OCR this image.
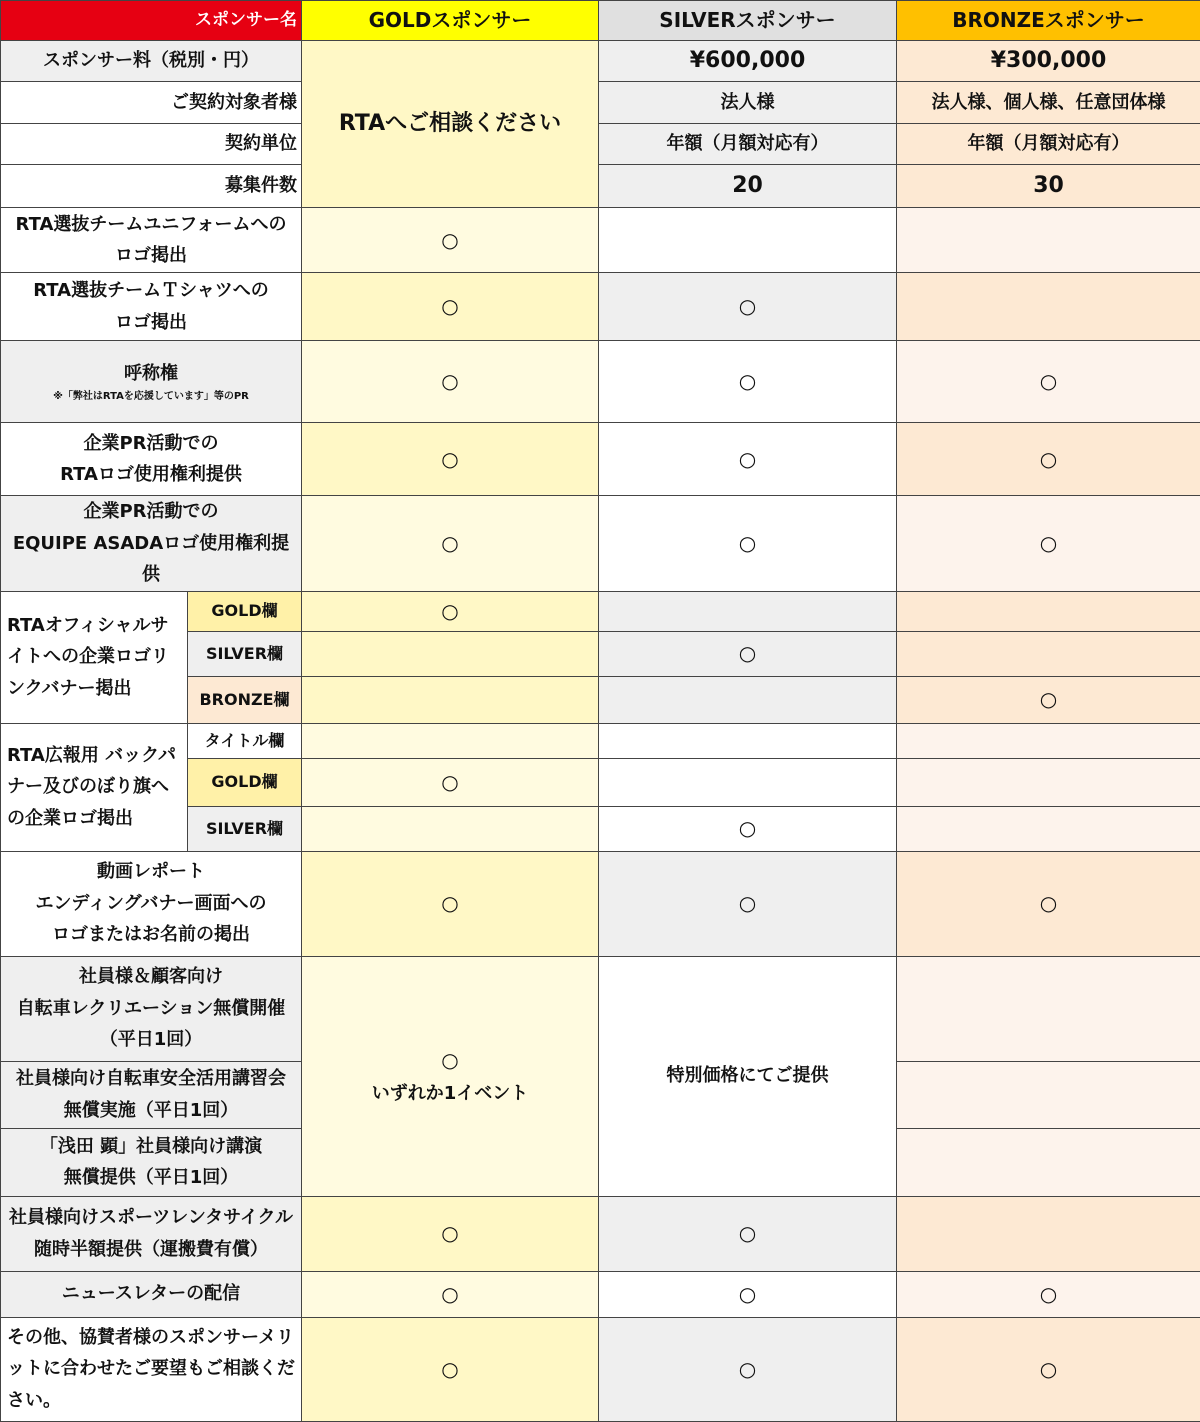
スポンサー名		GOLDスポンサー	SILVERスポンサー	BRONZEスポンサー
スポンサー料（税別・円）		RTAへご相談ください	¥600,000	¥300,000
ご契約対象者様			法人様	法人様、個人様、任意団体様
契約単位			年額（月額対応有）	年額（月額対応有）
募集件数			20	30

RTA選抜チームユニフォームへの
ロゴ掲出		○		

RTA選抜チームＴシャツへの
ロゴ掲出		○	○	

呼称権
※「弊社はRTAを応援しています」等のPR		○	○	○

企業PR活動での
RTAロゴ使用権利提供		○	○	○

企業PR活動での
EQUIPE ASADAロゴ使用権利提供		○	○	○
RTAオフィシャルサイトへの企業ロゴリンクバナー掲出	GOLD欄	○		
	SILVER欄		○	
	BRONZE欄			○
RTA広報用 バックパナー及びのぼり旗への企業ロゴ掲出	タイトル欄			
	GOLD欄	○		
	SILVER欄		○	

動画レポート
エンディングバナー画面への
ロゴまたはお名前の掲出		○	○	○

社員様＆顧客向け
自転車レクリエーション無償開催
（平日1回）		○
いずれか1イベント	特別価格にてご提供	

社員様向け自転車安全活用講習会
無償実施（平日1回）				

「浅田 顕」社員様向け講演
無償提供（平日1回）				

社員様向けスポーツレンタサイクル
随時半額提供（運搬費有償）		○	○	
ニュースレターの配信		○	○	○
その他、協賛者様のスポンサーメリットに合わせたご要望もご相談ください。		○	○	○
